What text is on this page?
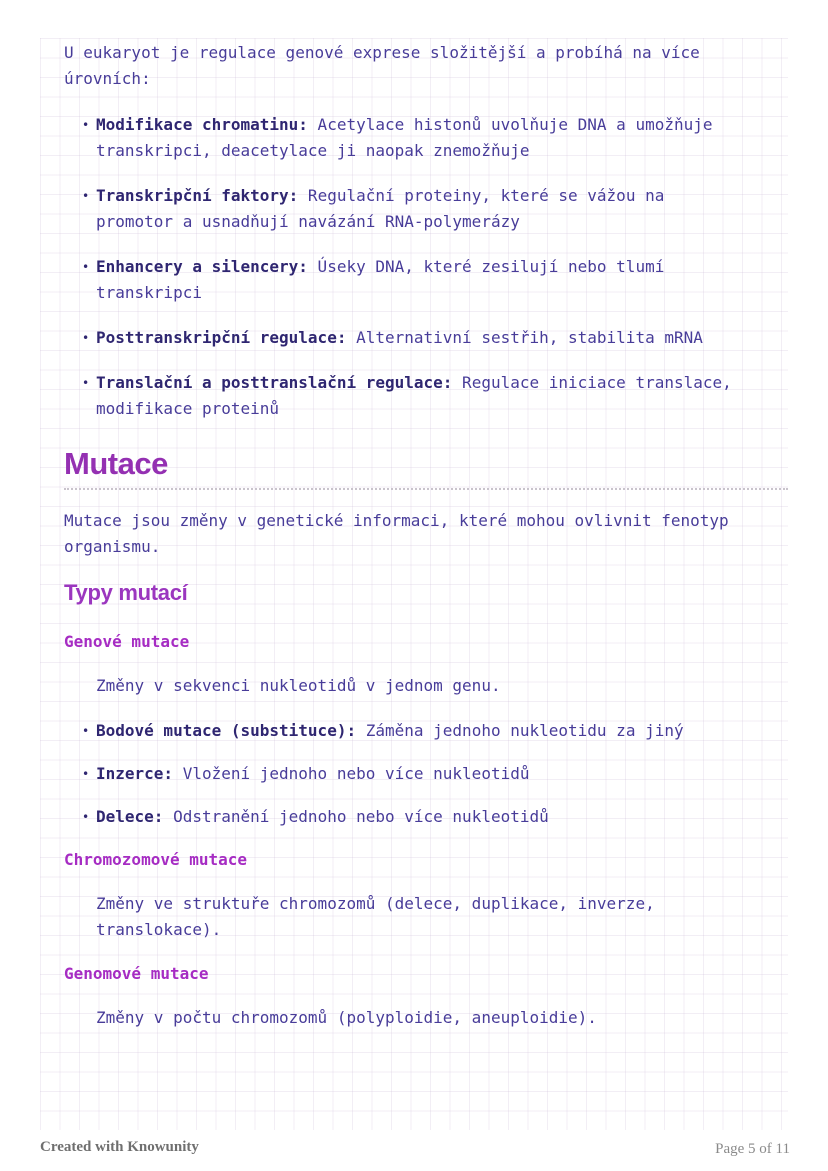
U eukaryot je regulace genové exprese složitější a probíhá na více úrovních:

• Modifikace chromatinu: Acetylace histonů uvolňuje DNA a umožňuje transkripci, deacetylace ji naopak znemožňuje
• Transkripční faktory: Regulační proteiny, které se vážou na promotor a usnadňují navázání RNA-polymerázy
• Enhancery a silencery: Úseky DNA, které zesilují nebo tlumí transkripci
• Posttranskripční regulace: Alternativní sestřih, stabilita mRNA
• Translační a posttranslační regulace: Regulace iniciace translace, modifikace proteinů
Mutace

Mutace jsou změny v genetické informaci, které mohou ovlivnit fenotyp organismu.

Typy mutací
Genové mutace

Změny v sekvenci nukleotidů v jednom genu.

• Bodové mutace (substituce): Záměna jednoho nukleotidu za jiný
• Inzerce: Vložení jednoho nebo více nukleotidů
• Delece: Odstranění jednoho nebo více nukleotidů
Chromozomové mutace

Změny ve struktuře chromozomů (delece, duplikace, inverze, translokace).

Genomové mutace

Změny v počtu chromozomů (polyploidie, aneuploidie).

Created with Knowunity	Page 5 of 11
